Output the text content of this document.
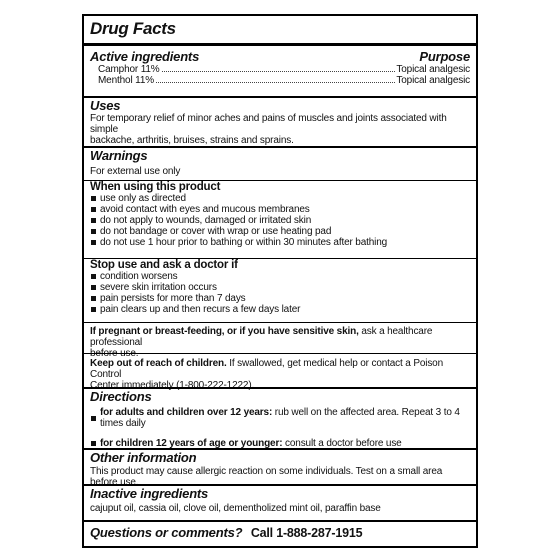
Drug Facts
Active ingredients	Purpose
Camphor 11%	Topical analgesic
Menthol 11%	Topical analgesic
Uses
For temporary relief of minor aches and pains of muscles and joints associated with simple
backache, arthritis, bruises, strains and sprains.
Warnings
For external use only
When using this product
use only as directed
avoid contact with eyes and mucous membranes
do not apply to wounds, damaged or irritated skin
do not bandage or cover with wrap or use heating pad
do not use 1 hour prior to bathing or within 30 minutes after bathing
Stop use and ask a doctor if
condition worsens
severe skin irritation occurs
pain persists for more than 7 days
pain clears up and then recurs a few days later
If pregnant or breast-feeding, or if you have sensitive skin, ask a healthcare professional
before use.
Keep out of reach of children. If swallowed, get medical help or contact a Poison Control
Center immediately (1-800-222-1222).
Directions
for adults and children over 12 years: rub well on the affected area. Repeat 3 to 4 times daily
for children 12 years of age or younger: consult a doctor before use
Other information
This product may cause allergic reaction on some individuals. Test on a small area before use.
Inactive ingredients
cajuput oil, cassia oil, clove oil, dementholized mint oil, paraffin base
Questions or comments? Call 1-888-287-1915
